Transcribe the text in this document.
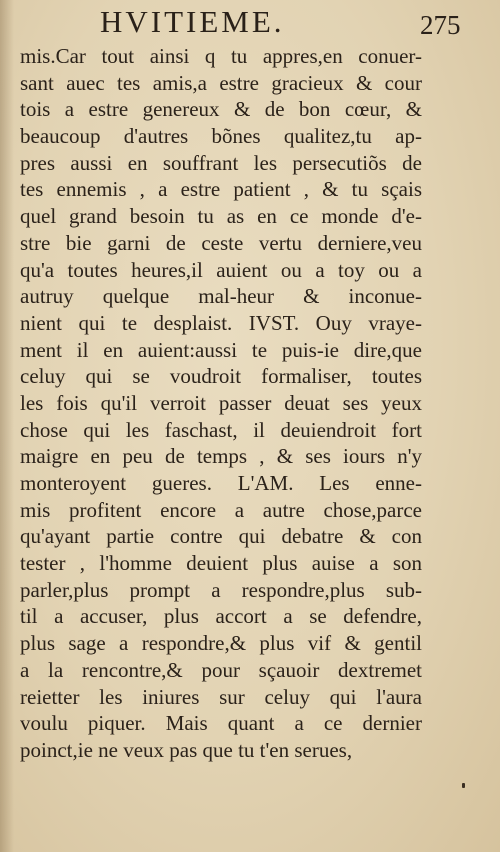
HVITIEME.	275
mis.Car tout ainsi q tu appres,en conuer-
sant auec tes amis,a estre gracieux & cour
tois a estre genereux & de bon cœur, &
beaucoup d'autres bõnes qualitez,tu ap-
pres aussi en souffrant les persecutiõs de
tes ennemis , a estre patient , & tu sçais
quel grand besoin tu as en ce monde d'e-
stre bie garni de ceste vertu derniere,veu
qu'a toutes heures,il auient ou a toy ou a
autruy quelque mal-heur & inconue-
nient qui te desplaist. IVST. Ouy vraye-
ment il en auient:aussi te puis-ie dire,que
celuy qui se voudroit formaliser, toutes
les fois qu'il verroit passer deuat ses yeux
chose qui les faschast, il deuiendroit fort
maigre en peu de temps , & ses iours n'y
monteroyent gueres. L'AM. Les enne-
mis profitent encore a autre chose,parce
qu'ayant partie contre qui debatre & con
tester , l'homme deuient plus auise a son
parler,plus prompt a respondre,plus sub-
til a accuser, plus accort a se defendre,
plus sage a respondre,& plus vif & gentil
a la rencontre,& pour sçauoir dextremet
reietter les iniures sur celuy qui l'aura
voulu piquer. Mais quant a ce dernier
poinct,ie ne veux pas que tu t'en serues,
